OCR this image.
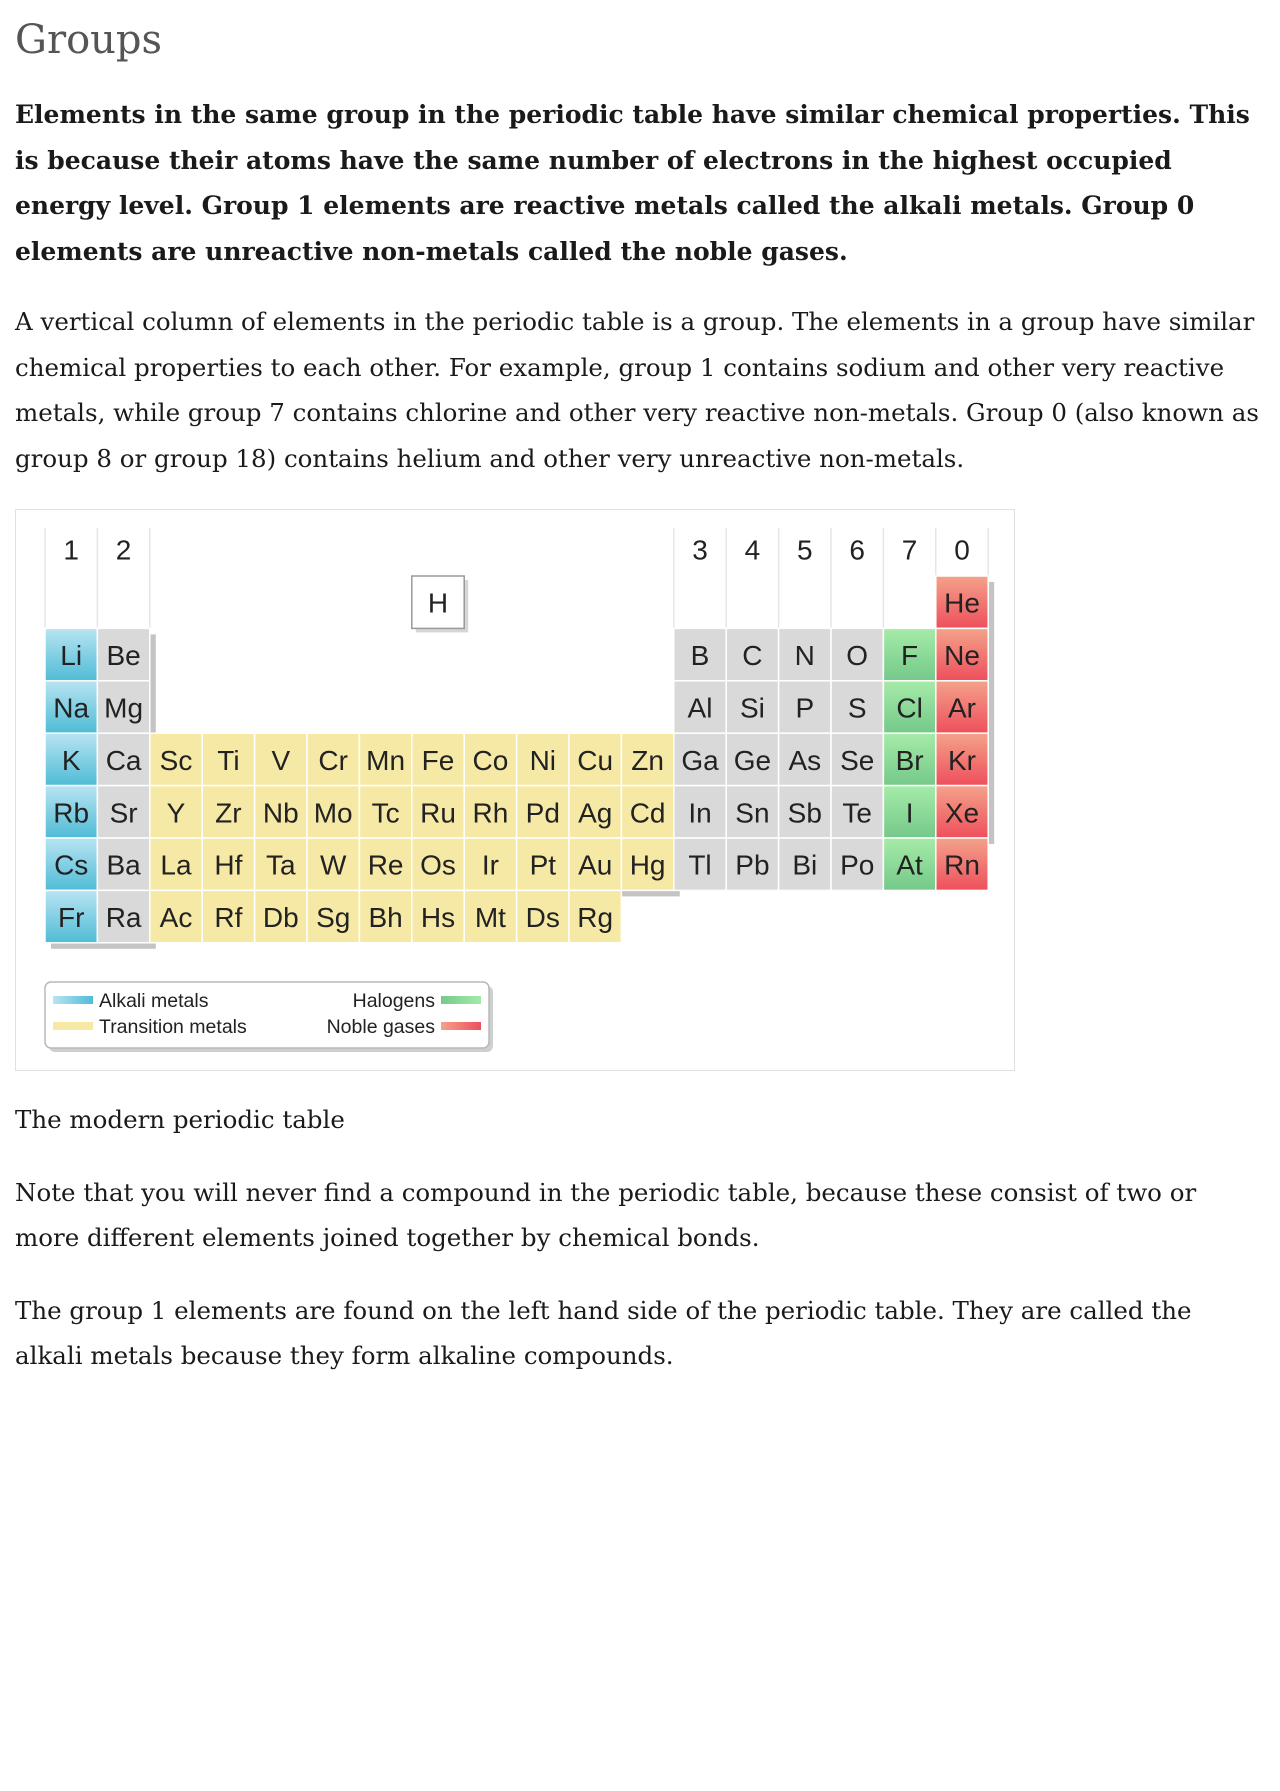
Groups

Elements in the same group in the periodic table have similar chemical properties. This is because their atoms have the same number of electrons in the highest occupied energy level. Group 1 elements are reactive metals called the alkali metals. Group 0 elements are unreactive non-metals called the noble gases.

A vertical column of elements in the periodic table is a group. The elements in a group have similar chemical properties to each other. For example, group 1 contains sodium and other very reactive metals, while group 7 contains chlorine and other very reactive non-metals. Group 0 (also known as group 8 or group 18) contains helium and other very unreactive non-metals.

1 2	3 4 5 6 7 0
H	He
Li Be	B C N O F Ne
Na Mg	Al Si P S Cl Ar
K Ca Sc Ti V Cr Mn Fe Co Ni Cu Zn Ga Ge As Se Br Kr
Rb Sr Y Zr Nb Mo Tc Ru Rh Pd Ag Cd In Sn Sb Te I Xe
Cs Ba La Hf Ta W Re Os Ir Pt Au Hg Tl Pb Bi Po At Rn
Fr Ra Ac Rf Db Sg Bh Hs Mt Ds Rg
Alkali metals
Transition metals
Halogens
Noble gases

The modern periodic table

Note that you will never find a compound in the periodic table, because these consist of two or more different elements joined together by chemical bonds.

The group 1 elements are found on the left hand side of the periodic table. They are called the alkali metals because they form alkaline compounds.
